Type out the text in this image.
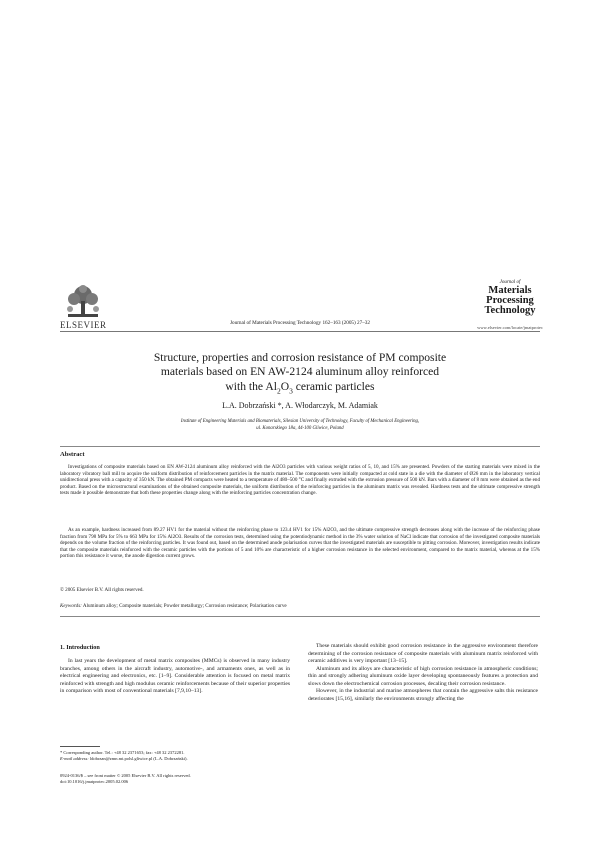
ELSEVIER	Journal of Materials Processing Technology 162–163 (2005) 27–32
Journal of
Materials
Processing
Technology
www.elsevier.com/locate/jmatprotec
Structure, properties and corrosion resistance of PM composite
materials based on EN AW-2124 aluminum alloy reinforced
with the $Al_2O_3$ ceramic particles
L.A. Dobrzański *, A. Włodarczyk, M. Adamiak
Institute of Engineering Materials and Biomaterials, Silesian University of Technology, Faculty of Mechanical Engineering,
ul. Konarskiego 18a, 44-100 Gliwice, Poland
Abstract
Investigations of composite materials based on EN AW-2124 aluminum alloy reinforced with the Al2O3 particles with various weight ratios of 5, 10, and 15% are presented. Powders of the starting materials were mixed in the laboratory vibratory ball mill to acquire the uniform distribution of reinforcement particles in the matrix material. The components were initially compacted at cold state in a die with the diameter of Ø26 mm in the laboratory vertical unidirectional press with a capacity of 350 kN. The obtained PM compacts were heated to a temperature of 480–500 °C and finally extruded with the extrusion pressure of 500 kN. Bars with a diameter of 8 mm were obtained as the end product. Based on the microstructural examinations of the obtained composite materials, the uniform distribution of the reinforcing particles in the aluminum matrix was revealed. Hardness tests and the ultimate compressive strength tests made it possible demonstrate that both these properties change along with the reinforcing particles concentration change.
As an example, hardness increased from 89.27 HV1 for the material without the reinforcing phase to 123.4 HV1 for 15% Al2O3, and the ultimate compressive strength decreases along with the increase of the reinforcing phase fraction from 798 MPa for 5% to 663 MPa for 15% Al2O3. Results of the corrosion tests, determined using the potentiodynamic method in the 3% water solution of NaCl indicate that corrosion of the investigated composite materials depends on the volume fraction of the reinforcing particles. It was found out, based on the determined anode polarisation curves that the investigated materials are susceptible to pitting corrosion. Moreover, investigation results indicate that the composite materials reinforced with the ceramic particles with the portions of 5 and 10% are characteristic of a higher corrosion resistance in the selected environment, compared to the matrix material, whereas at the 15% portion this resistance it worse, the anode digestion current grows.
© 2005 Elsevier B.V. All rights reserved.
Keywords: Aluminum alloy; Composite materials; Powder metallurgy; Corrosion resistance; Polarisation curve
1. Introduction

In last years the development of metal matrix composites (MMCs) is observed in many industry branches, among others in the aircraft industry, automotive-, and armaments ones, as well as in electrical engineering and electronics, etc. [1–9]. Considerable attention is focused on metal matrix reinforced with strength and high modulus ceramic reinforcements because of their superior properties in comparison with most of conventional materials [7,9,10–13].

These materials should exhibit good corrosion resistance in the aggressive environment therefore determining of the corrosion resistance of composite materials with aluminum matrix reinforced with ceramic additives is very important [13–15].

Aluminum and its alloys are characteristic of high corrosion resistance in atmospheric conditions; thin and strongly adhering aluminum oxide layer developing spontaneously features a protection and slows down the electrochemical corrosion processes, decaling their corrosion resistance.

However, in the industrial and marine atmospheres that contain the aggressive salts this resistance deteriorates [15,16], similarly the environments strongly affecting the

* Corresponding author. Tel.: +48 32 2371653; fax: +48 32 2372281.
E-mail address: ldobrzan@zmn.mt.polsl.gliwice.pl (L.A. Dobrzański).
0924-0136/$ – see front matter © 2005 Elsevier B.V. All rights reserved.
doi:10.1016/j.jmatprotec.2005.02.006
